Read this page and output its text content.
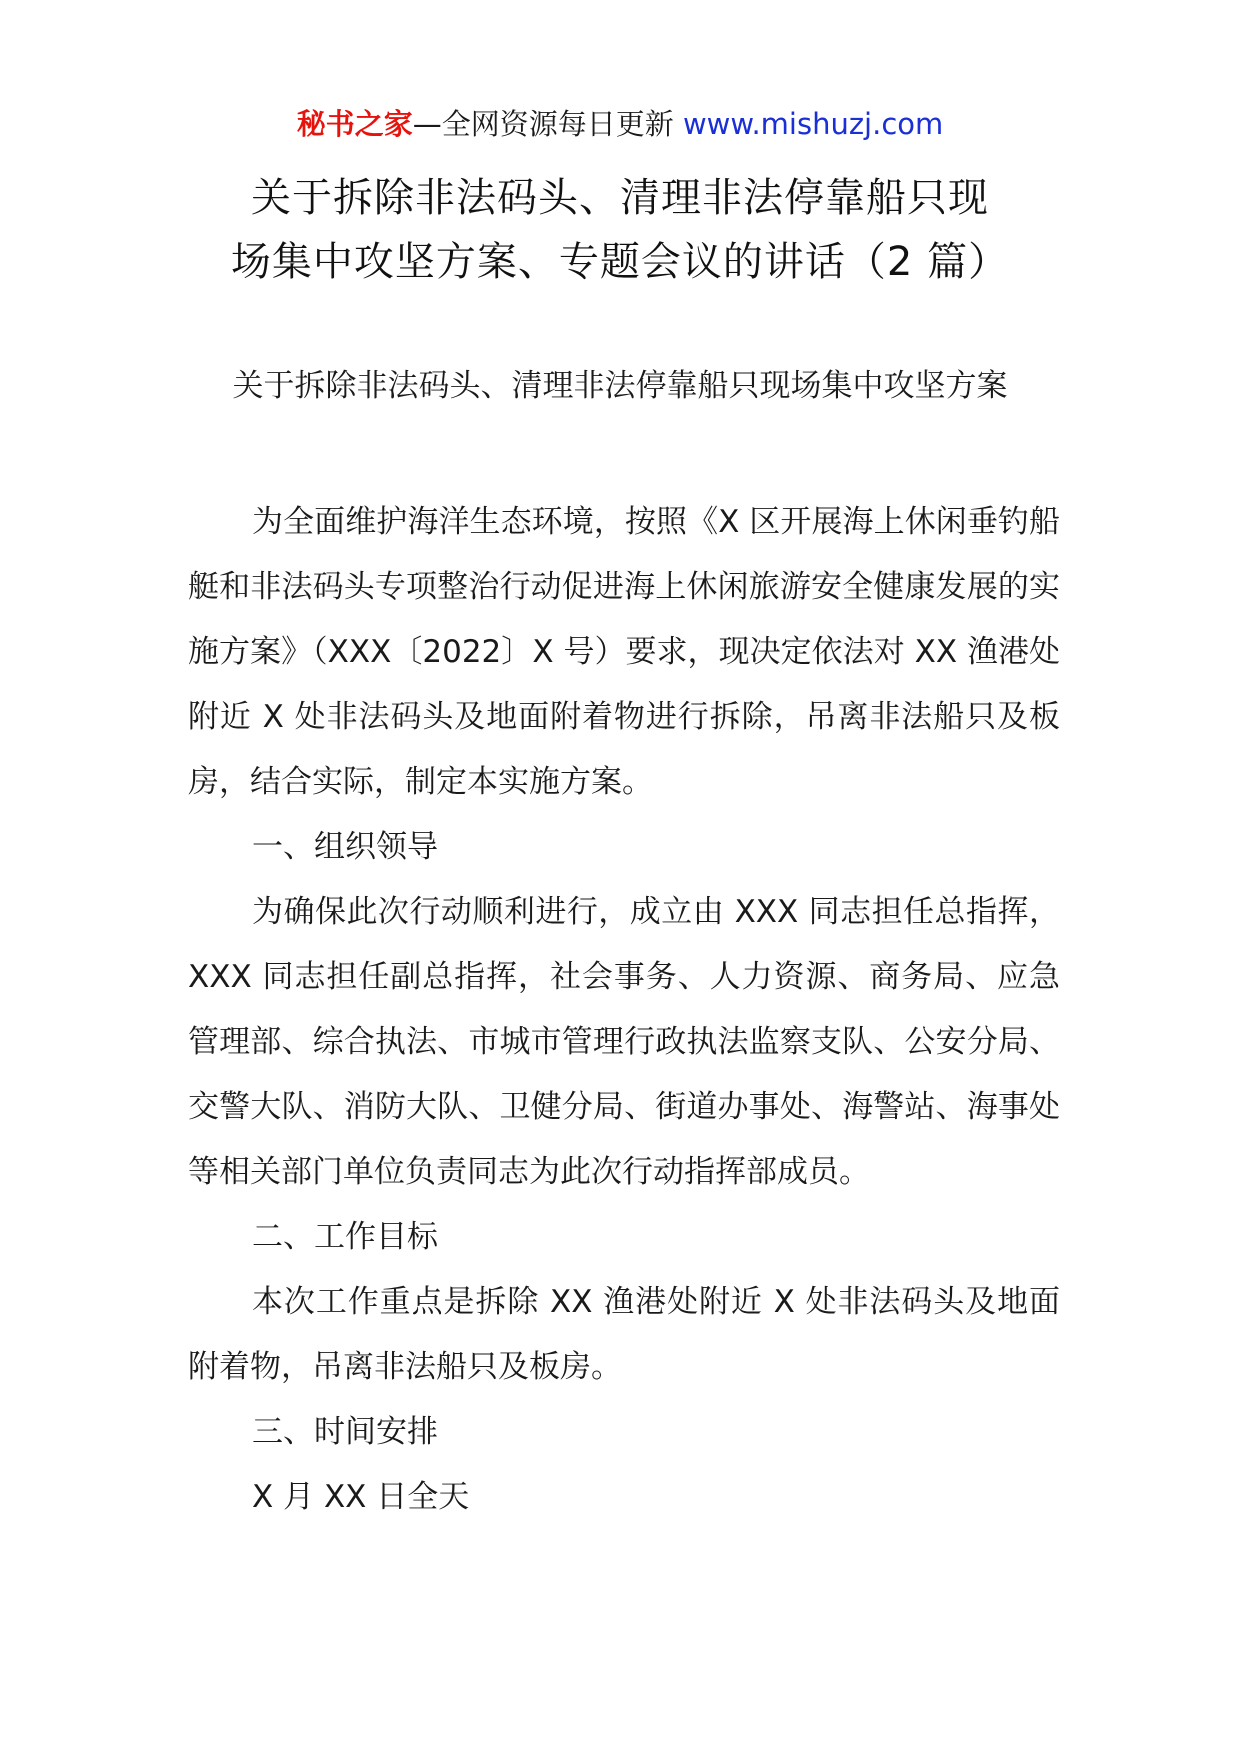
秘书之家—全网资源每日更新 www.mishuzj.com
关于拆除非法码头、清理非法停靠船只现
场集中攻坚方案、专题会议的讲话（2 篇）
关于拆除非法码头、清理非法停靠船只现场集中攻坚方案

为全面维护海洋生态环境，按照《X 区开展海上休闲垂钓船艇和非法码头专项整治行动促进海上休闲旅游安全健康发展的实施方案》（XXX〔2022〕X 号）要求，现决定依法对 XX 渔港处附近 X 处非法码头及地面附着物进行拆除，吊离非法船只及板房，结合实际，制定本实施方案。

一、组织领导

为确保此次行动顺利进行，成立由 XXX 同志担任总指挥，XXX 同志担任副总指挥，社会事务、人力资源、商务局、应急管理部、综合执法、市城市管理行政执法监察支队、公安分局、交警大队、消防大队、卫健分局、街道办事处、海警站、海事处等相关部门单位负责同志为此次行动指挥部成员。

二、工作目标

本次工作重点是拆除 XX 渔港处附近 X 处非法码头及地面附着物，吊离非法船只及板房。

三、时间安排

X 月 XX 日全天
